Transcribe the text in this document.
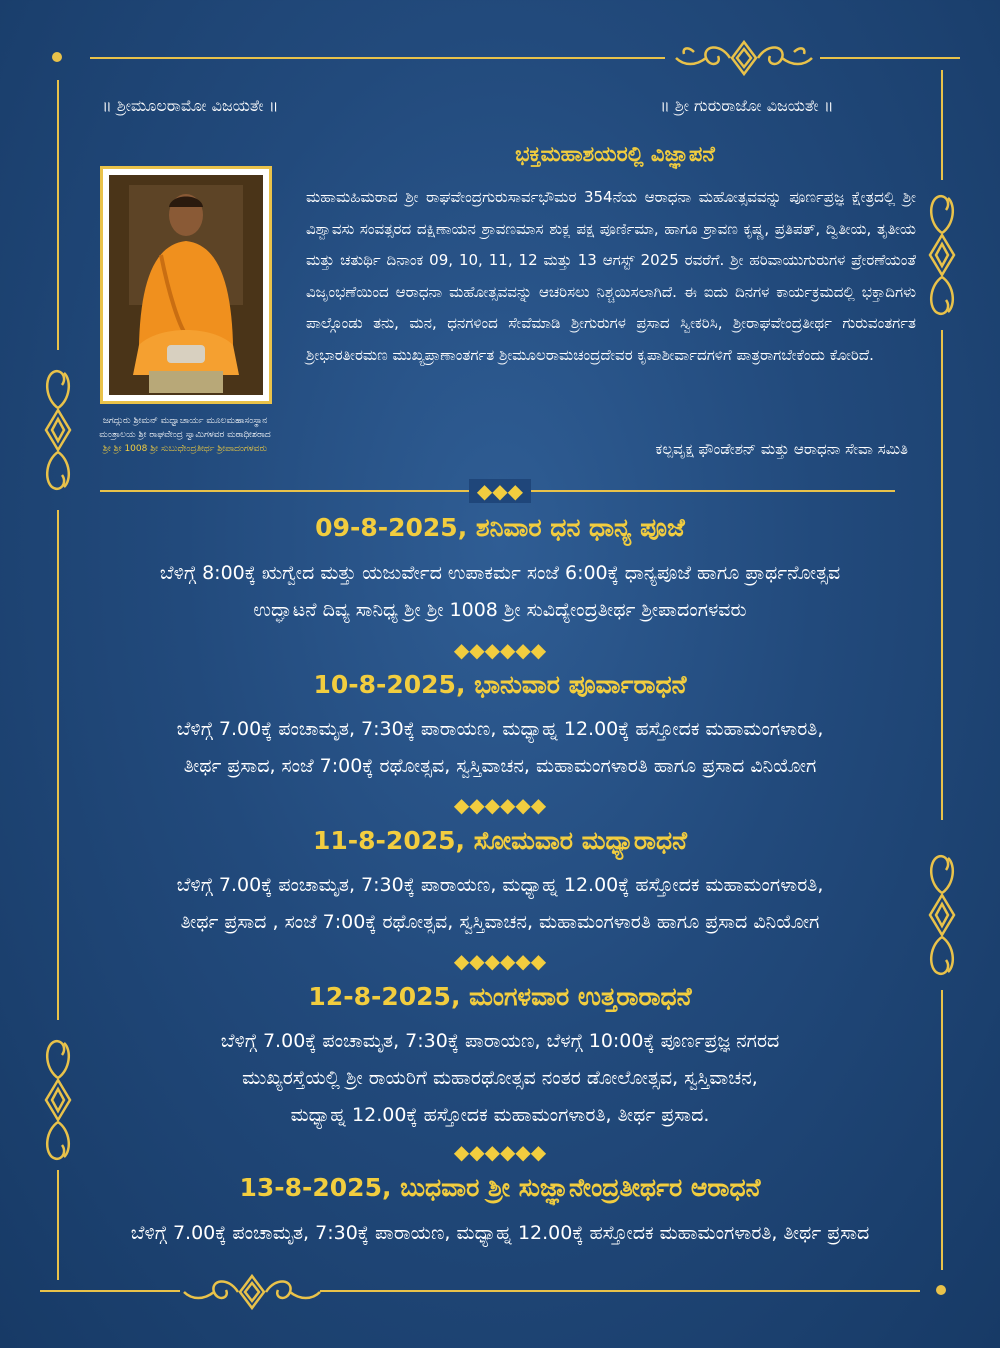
॥ ಶ್ರೀಮೂಲರಾಮೋ ವಿಜಯತೇ ॥	॥ ಶ್ರೀ ಗುರುರಾಜೋ ವಿಜಯತೇ ॥
ಭಕ್ತಮಹಾಶಯರಲ್ಲಿ ವಿಜ್ಞಾಪನೆ
ಜಗದ್ಗುರು ಶ್ರೀಮನ್ ಮಧ್ವಾಚಾರ್ಯ ಮೂಲಮಹಾಸಂಸ್ಥಾನ
ಮಂತ್ರಾಲಯ ಶ್ರೀ ರಾಘವೇಂದ್ರ ಸ್ವಾಮಿಗಳವರ ಮಠಾಧೀಶರಾದ
ಶ್ರೀ ಶ್ರೀ 1008 ಶ್ರೀ ಸುಬುಧೇಂದ್ರತೀರ್ಥ ಶ್ರೀಪಾದಂಗಳವರು
ಮಹಾಮಹಿಮರಾದ ಶ್ರೀ ರಾಘವೇಂದ್ರಗುರುಸಾರ್ವಭೌಮರ 354ನೆಯ ಆರಾಧನಾ ಮಹೋತ್ಸವವನ್ನು ಪೂರ್ಣಪ್ರಜ್ಞ ಕ್ಷೇತ್ರದಲ್ಲಿ ಶ್ರೀ ವಿಶ್ವಾವಸು ಸಂವತ್ಸರದ ದಕ್ಷಿಣಾಯನ ಶ್ರಾವಣಮಾಸ ಶುಕ್ಲ ಪಕ್ಷ ಪೂರ್ಣಿಮಾ, ಹಾಗೂ ಶ್ರಾವಣ ಕೃಷ್ಣ, ಪ್ರತಿಪತ್, ದ್ವಿತೀಯ, ತೃತೀಯ ಮತ್ತು ಚತುರ್ಥಿ ದಿನಾಂಕ 09, 10, 11, 12 ಮತ್ತು 13 ಆಗಸ್ಟ್ 2025 ರವರೆಗೆ. ಶ್ರೀ ಹರಿವಾಯುಗುರುಗಳ ಪ್ರೇರಣೆಯಂತೆ ವಿಜೃಂಭಣೆಯಿಂದ ಆರಾಧನಾ ಮಹೋತ್ಸವವನ್ನು ಆಚರಿಸಲು ನಿಶ್ಚಯಿಸಲಾಗಿದೆ. ಈ ಐದು ದಿನಗಳ ಕಾರ್ಯಕ್ರಮದಲ್ಲಿ ಭಕ್ತಾದಿಗಳು ಪಾಲ್ಗೊಂಡು ತನು, ಮನ, ಧನಗಳಿಂದ ಸೇವೆಮಾಡಿ ಶ್ರೀಗುರುಗಳ ಪ್ರಸಾದ ಸ್ವೀಕರಿಸಿ, ಶ್ರೀರಾಘವೇಂದ್ರತೀರ್ಥ ಗುರುವಂತರ್ಗತ ಶ್ರೀಭಾರತೀರಮಣ ಮುಖ್ಯಪ್ರಾಣಾಂತರ್ಗತ ಶ್ರೀಮೂಲರಾಮಚಂದ್ರದೇವರ ಕೃಪಾಶೀರ್ವಾದಗಳಿಗೆ ಪಾತ್ರರಾಗಬೇಕೆಂದು ಕೋರಿದೆ.
ಕಲ್ಪವೃಕ್ಷ ಫೌಂಡೇಶನ್ ಮತ್ತು ಆರಾಧನಾ ಸೇವಾ ಸಮಿತಿ
◆◆◆
09-8-2025, ಶನಿವಾರ ಧನ ಧಾನ್ಯ ಪೂಜೆ
ಬೆಳಿಗ್ಗೆ 8:00ಕ್ಕೆ ಋಗ್ವೇದ ಮತ್ತು ಯಜುರ್ವೇದ ಉಪಾಕರ್ಮ ಸಂಜೆ 6:00ಕ್ಕೆ ಧಾನ್ಯಪೂಜೆ ಹಾಗೂ ಪ್ರಾರ್ಥನೋತ್ಸವ
ಉದ್ಘಾಟನೆ ದಿವ್ಯ ಸಾನಿಧ್ಯ ಶ್ರೀ ಶ್ರೀ 1008 ಶ್ರೀ ಸುವಿದ್ಯೇಂದ್ರತೀರ್ಥ ಶ್ರೀಪಾದಂಗಳವರು
◆◆◆◆◆◆
10-8-2025, ಭಾನುವಾರ ಪೂರ್ವಾರಾಧನೆ
ಬೆಳಿಗ್ಗೆ 7.00ಕ್ಕೆ ಪಂಚಾಮೃತ, 7:30ಕ್ಕೆ ಪಾರಾಯಣ, ಮಧ್ಯಾಹ್ನ 12.00ಕ್ಕೆ ಹಸ್ತೋದಕ ಮಹಾಮಂಗಳಾರತಿ,
ತೀರ್ಥ ಪ್ರಸಾದ, ಸಂಜೆ 7:00ಕ್ಕೆ ರಥೋತ್ಸವ, ಸ್ವಸ್ತಿವಾಚನ, ಮಹಾಮಂಗಳಾರತಿ ಹಾಗೂ ಪ್ರಸಾದ ವಿನಿಯೋಗ
◆◆◆◆◆◆
11-8-2025, ಸೋಮವಾರ ಮಧ್ಯಾರಾಧನೆ
ಬೆಳಿಗ್ಗೆ 7.00ಕ್ಕೆ ಪಂಚಾಮೃತ, 7:30ಕ್ಕೆ ಪಾರಾಯಣ, ಮಧ್ಯಾಹ್ನ 12.00ಕ್ಕೆ ಹಸ್ತೋದಕ ಮಹಾಮಂಗಳಾರತಿ,
ತೀರ್ಥ ಪ್ರಸಾದ , ಸಂಜೆ 7:00ಕ್ಕೆ ರಥೋತ್ಸವ, ಸ್ವಸ್ತಿವಾಚನ, ಮಹಾಮಂಗಳಾರತಿ ಹಾಗೂ ಪ್ರಸಾದ ವಿನಿಯೋಗ
◆◆◆◆◆◆
12-8-2025, ಮಂಗಳವಾರ ಉತ್ತರಾರಾಧನೆ
ಬೆಳಿಗ್ಗೆ 7.00ಕ್ಕೆ ಪಂಚಾಮೃತ, 7:30ಕ್ಕೆ ಪಾರಾಯಣ, ಬೆಳಗ್ಗೆ 10:00ಕ್ಕೆ ಪೂರ್ಣಪ್ರಜ್ಞ ನಗರದ
ಮುಖ್ಯರಸ್ತೆಯಲ್ಲಿ ಶ್ರೀ ರಾಯರಿಗೆ ಮಹಾರಥೋತ್ಸವ ನಂತರ ಡೋಲೋತ್ಸವ, ಸ್ವಸ್ತಿವಾಚನ,
ಮಧ್ಯಾಹ್ನ 12.00ಕ್ಕೆ ಹಸ್ತೋದಕ ಮಹಾಮಂಗಳಾರತಿ, ತೀರ್ಥ ಪ್ರಸಾದ.
◆◆◆◆◆◆
13-8-2025, ಬುಧವಾರ ಶ್ರೀ ಸುಜ್ಞಾನೇಂದ್ರತೀರ್ಥರ ಆರಾಧನೆ
ಬೆಳಿಗ್ಗೆ 7.00ಕ್ಕೆ ಪಂಚಾಮೃತ, 7:30ಕ್ಕೆ ಪಾರಾಯಣ, ಮಧ್ಯಾಹ್ನ 12.00ಕ್ಕೆ ಹಸ್ತೋದಕ ಮಹಾಮಂಗಳಾರತಿ, ತೀರ್ಥ ಪ್ರಸಾದ
